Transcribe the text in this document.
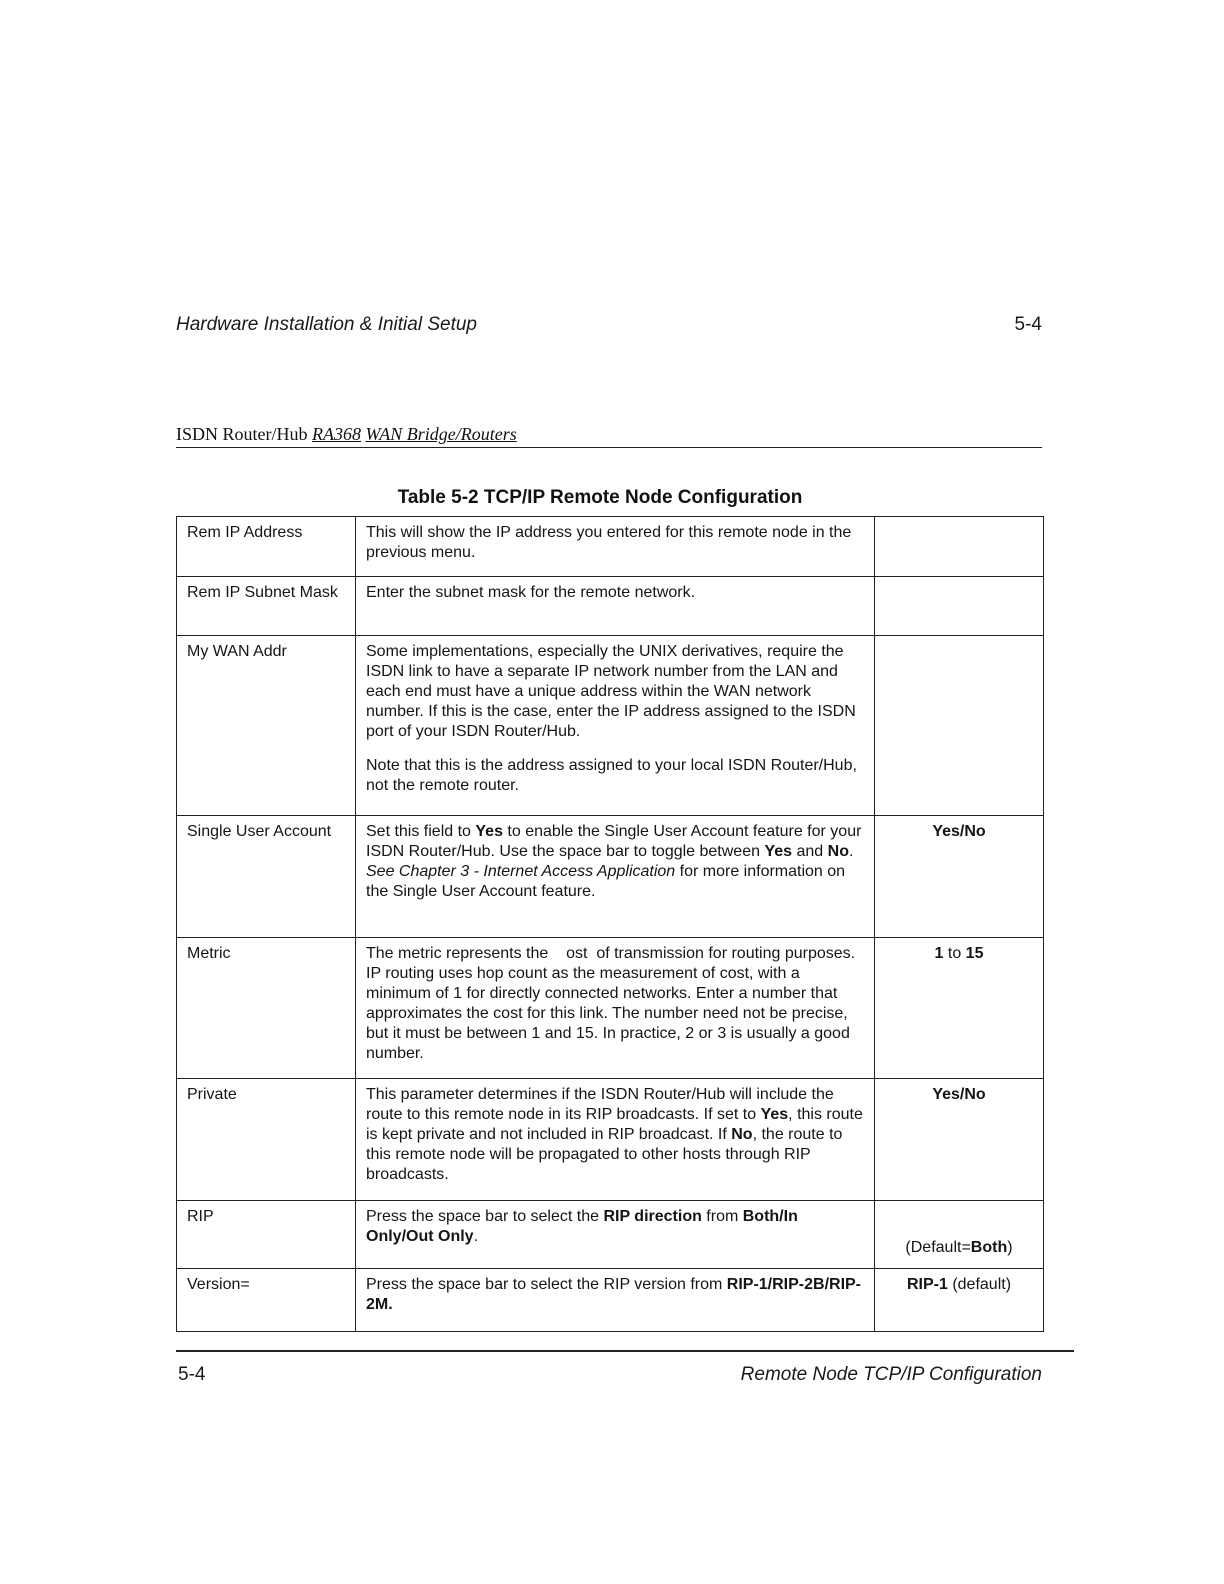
Hardware Installation & Initial Setup	5-4
ISDN Router/Hub RA368 WAN Bridge/Routers
Table 5-2 TCP/IP Remote Node Configuration
Rem IP Address	This will show the IP address you entered for this remote node in the previous menu.	
Rem IP Subnet Mask	Enter the subnet mask for the remote network.	
My WAN Addr	Some implementations, especially the UNIX derivatives, require the ISDN link to have a separate IP network number from the LAN and each end must have a unique address within the WAN network number. If this is the case, enter the IP address assigned to the ISDN port of your ISDN Router/Hub.
Note that this is the address assigned to your local ISDN Router/Hub, not the remote router.	

Single User Account	Set this field to Yes to enable the Single User Account feature for your ISDN Router/Hub. Use the space bar to toggle between Yes and No. See Chapter 3 - Internet Access Application for more information on the Single User Account feature.	Yes/No
Metric	The metric represents the    ost  of transmission for routing purposes. IP routing uses hop count as the measurement of cost, with a minimum of 1 for directly connected networks. Enter a number that approximates the cost for this link. The number need not be precise, but it must be between 1 and 15. In practice, 2 or 3 is usually a good number.	1 to 15
Private	This parameter determines if the ISDN Router/Hub will include the route to this remote node in its RIP broadcasts. If set to Yes, this route is kept private and not included in RIP broadcast. If No, the route to this remote node will be propagated to other hosts through RIP broadcasts.	Yes/No
RIP	Press the space bar to select the RIP direction from Both/In Only/Out Only.	(Default=Both)
Version=	Press the space bar to select the RIP version from RIP-1/RIP-2B/RIP-2M.	RIP-1 (default)
5-4	Remote Node TCP/IP Configuration
